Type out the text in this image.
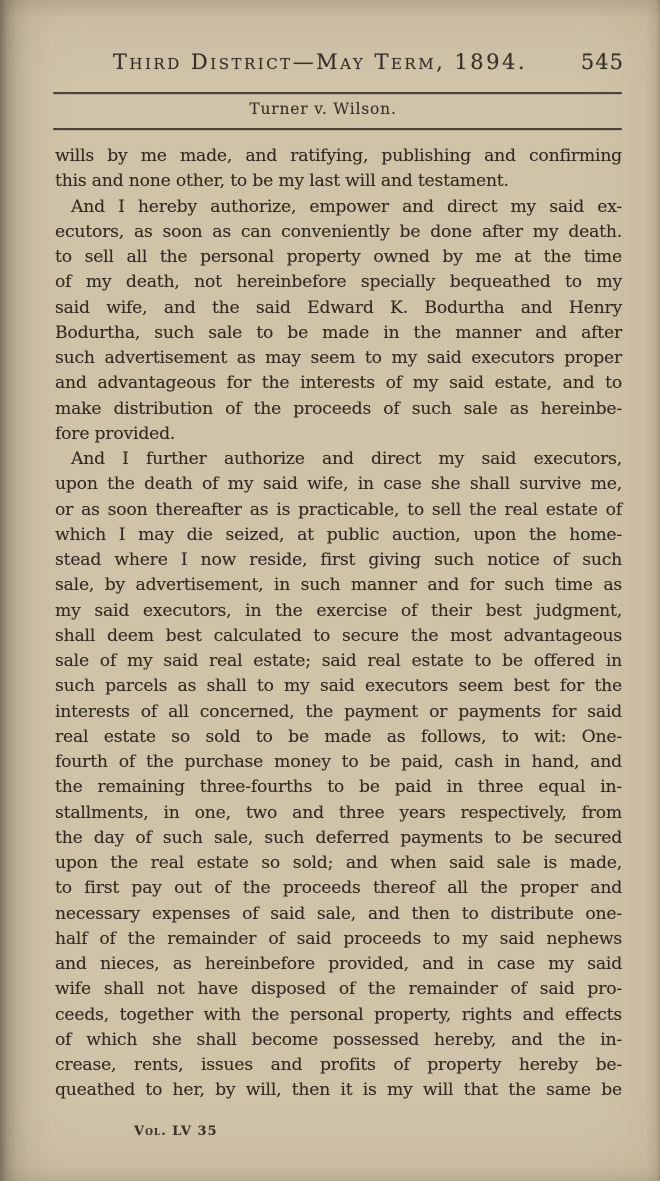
Third District—May Term, 1894.	545
Turner v. Wilson.
wills by me made, and ratifying, publishing and confirming
this and none other, to be my last will and testament.
And I hereby authorize, empower and direct my said ex-
ecutors, as soon as can conveniently be done after my death.
to sell all the personal property owned by me at the time
of my death, not hereinbefore specially bequeathed to my
said wife, and the said Edward K. Bodurtha and Henry
Bodurtha, such sale to be made in the manner and after
such advertisement as may seem to my said executors proper
and advantageous for the interests of my said estate, and to
make distribution of the proceeds of such sale as hereinbe-
fore provided.
And I further authorize and direct my said executors,
upon the death of my said wife, in case she shall survive me,
or as soon thereafter as is practicable, to sell the real estate of
which I may die seized, at public auction, upon the home-
stead where I now reside, first giving such notice of such
sale, by advertisement, in such manner and for such time as
my said executors, in the exercise of their best judgment,
shall deem best calculated to secure the most advantageous
sale of my said real estate; said real estate to be offered in
such parcels as shall to my said executors seem best for the
interests of all concerned, the payment or payments for said
real estate so sold to be made as follows, to wit: One-
fourth of the purchase money to be paid, cash in hand, and
the remaining three-fourths to be paid in three equal in-
stallments, in one, two and three years respectively, from
the day of such sale, such deferred payments to be secured
upon the real estate so sold; and when said sale is made,
to first pay out of the proceeds thereof all the proper and
necessary expenses of said sale, and then to distribute one-
half of the remainder of said proceeds to my said nephews
and nieces, as hereinbefore provided, and in case my said
wife shall not have disposed of the remainder of said pro-
ceeds, together with the personal property, rights and effects
of which she shall become possessed hereby, and the in-
crease, rents, issues and profits of property hereby be-
queathed to her, by will, then it is my will that the same be
Vol. LV 35
